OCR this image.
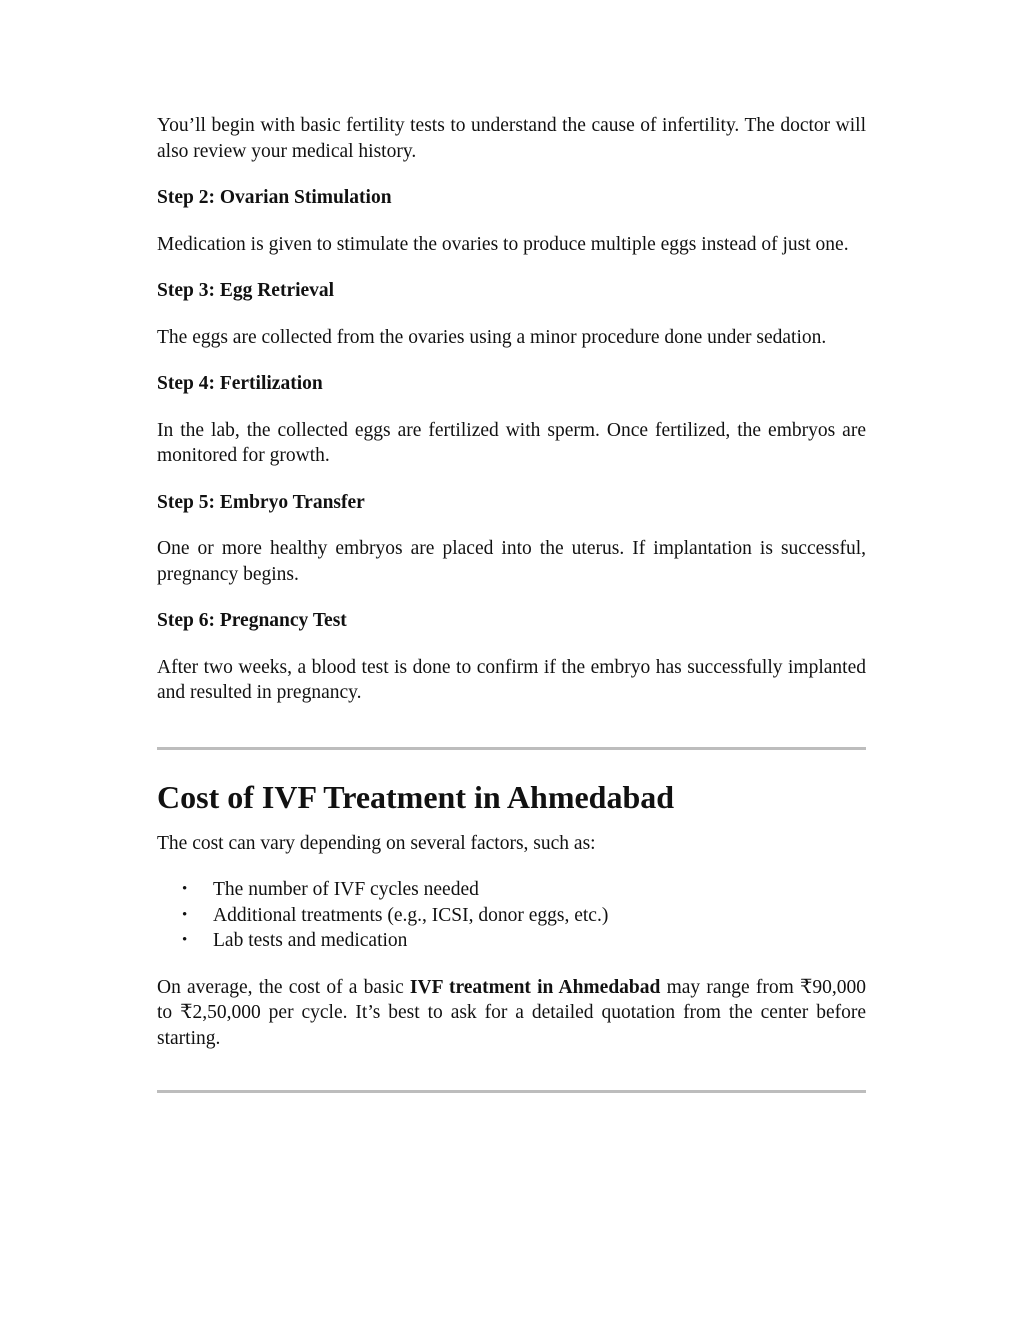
You’ll begin with basic fertility tests to understand the cause of infertility. The doctor will also review your medical history.

Step 2: Ovarian Stimulation

Medication is given to stimulate the ovaries to produce multiple eggs instead of just one.

Step 3: Egg Retrieval

The eggs are collected from the ovaries using a minor procedure done under sedation.

Step 4: Fertilization

In the lab, the collected eggs are fertilized with sperm. Once fertilized, the embryos are monitored for growth.

Step 5: Embryo Transfer

One or more healthy embryos are placed into the uterus. If implantation is successful, pregnancy begins.

Step 6: Pregnancy Test

After two weeks, a blood test is done to confirm if the embryo has successfully implanted and resulted in pregnancy.

Cost of IVF Treatment in Ahmedabad

The cost can vary depending on several factors, such as:

• The number of IVF cycles needed
• Additional treatments (e.g., ICSI, donor eggs, etc.)
• Lab tests and medication

On average, the cost of a basic IVF treatment in Ahmedabad may range from ₹90,000 to ₹2,50,000 per cycle. It’s best to ask for a detailed quotation from the center before starting.
